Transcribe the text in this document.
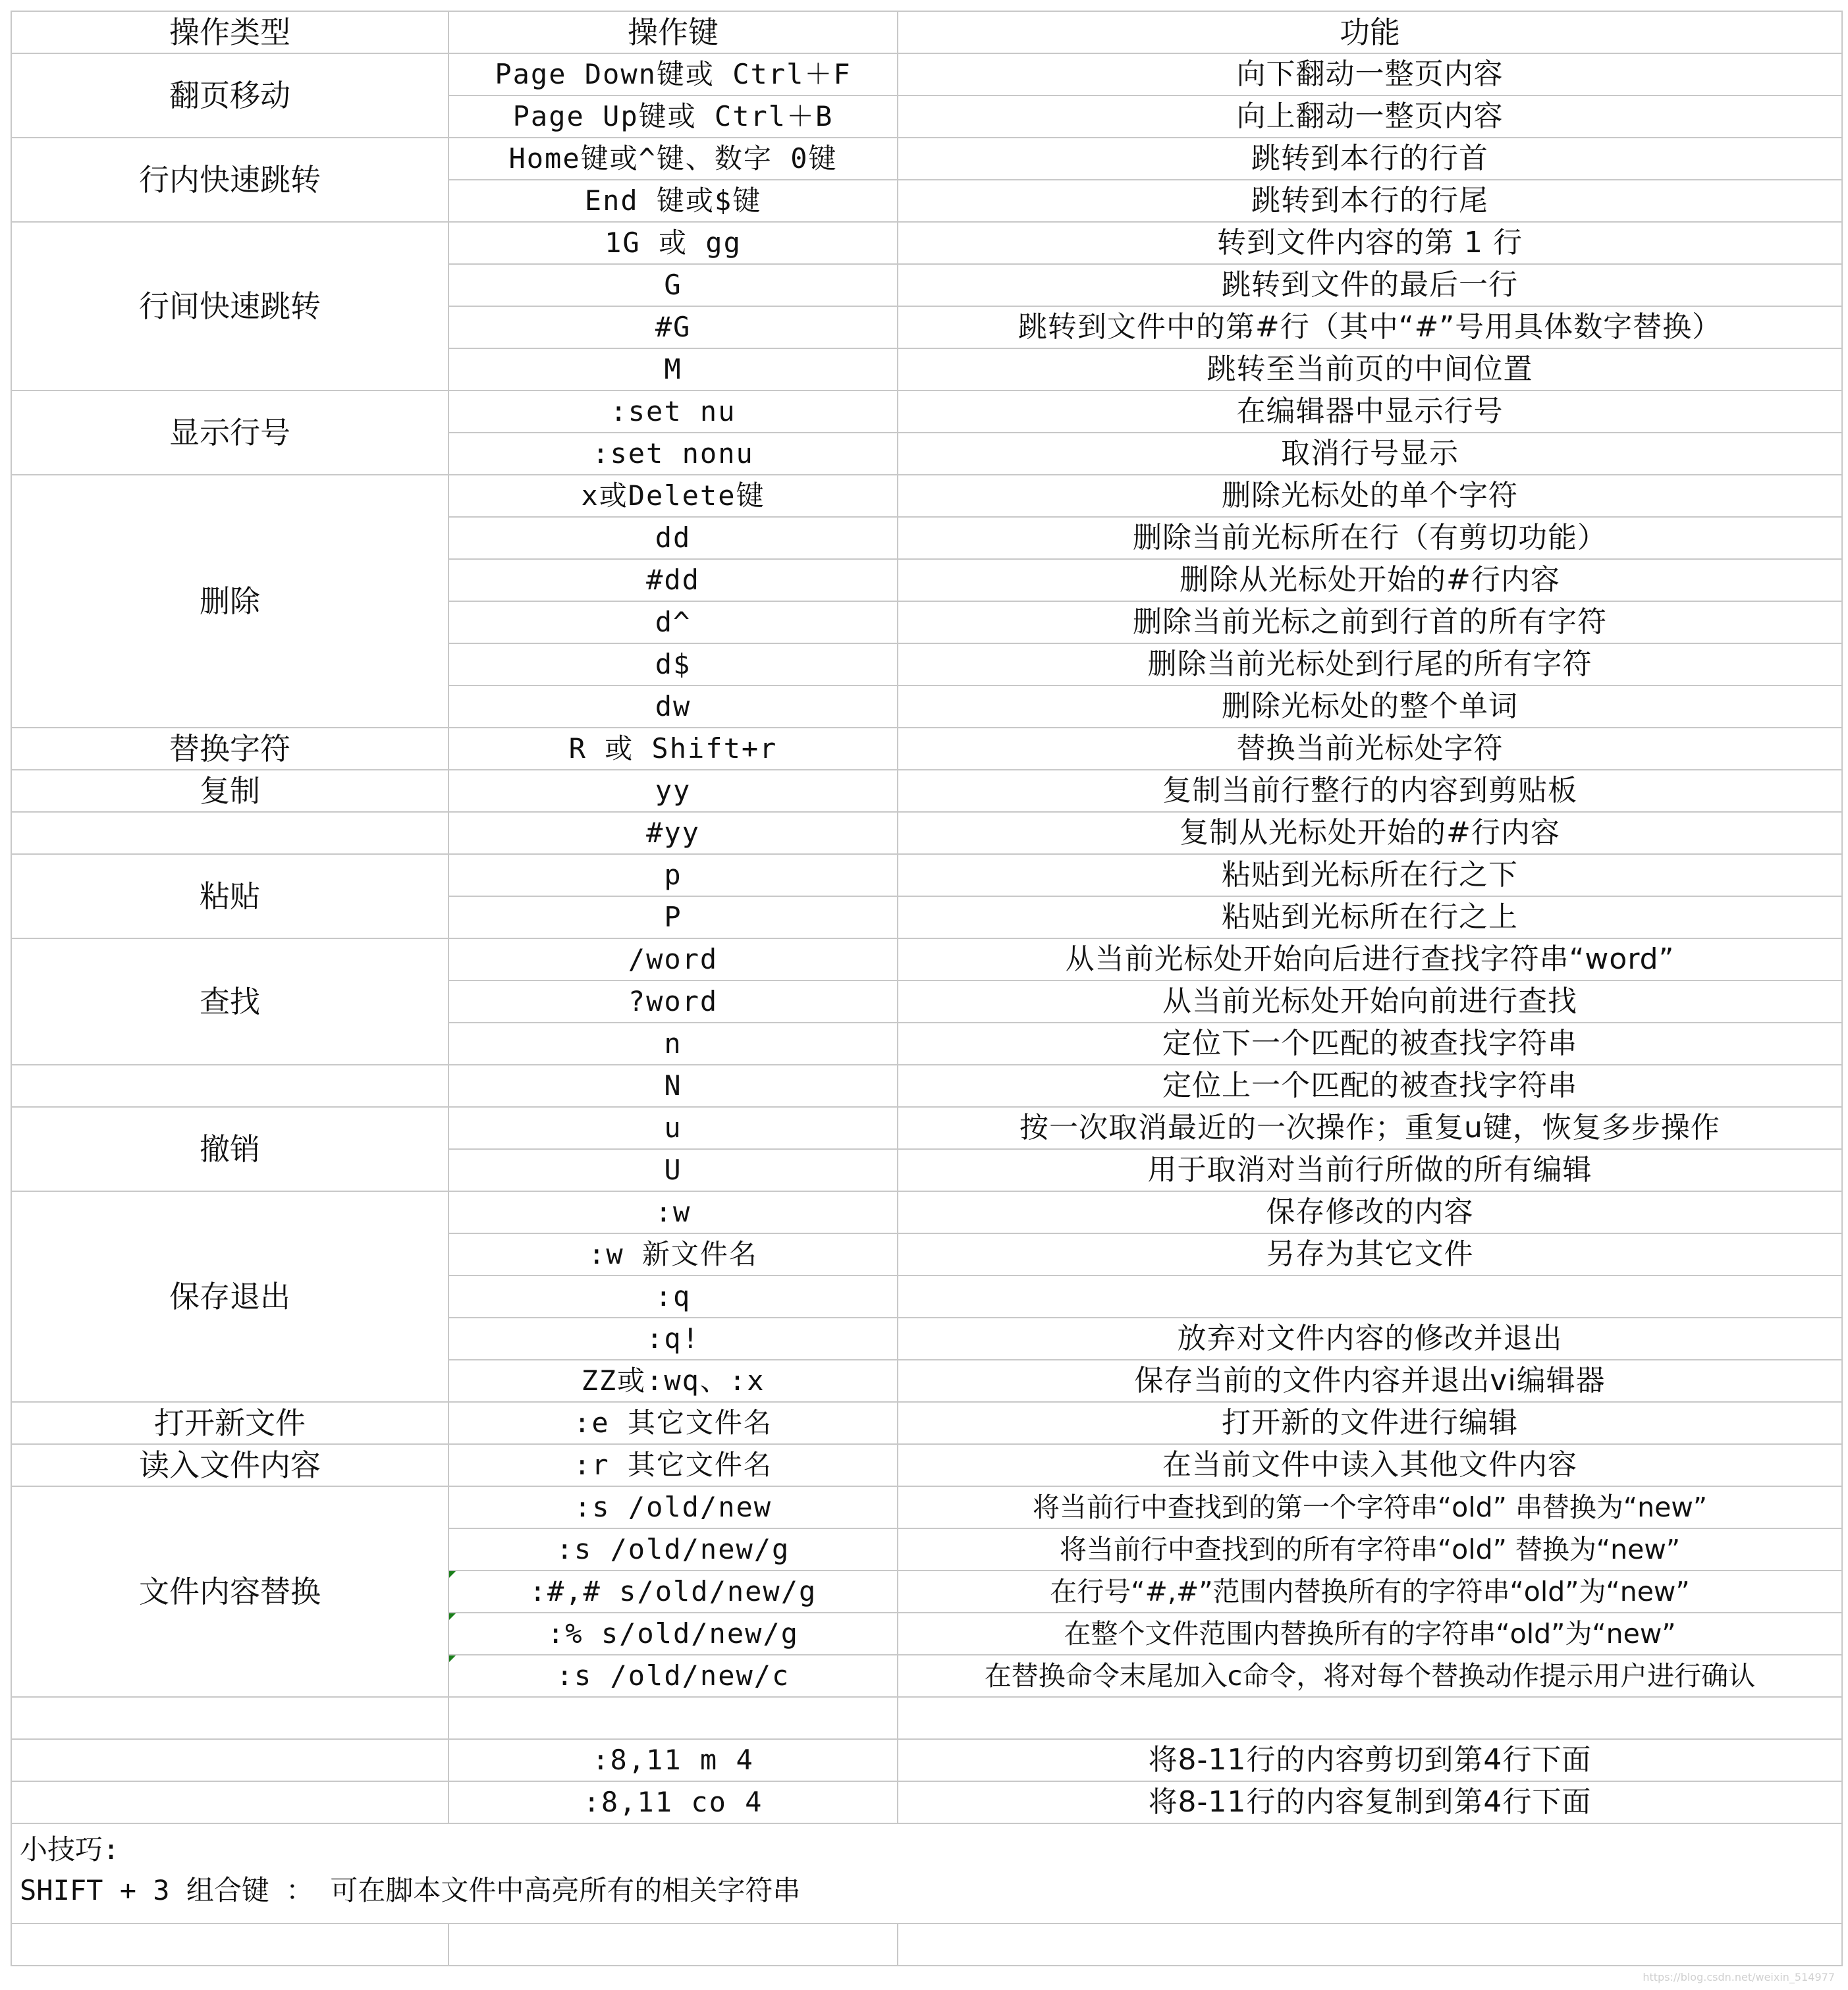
操作类型	操作键	功能
翻页移动	Page Down键或 Ctrl＋F	向下翻动一整页内容
	Page Up键或 Ctrl＋B	向上翻动一整页内容
行内快速跳转	Home键或^键、数字 0键	跳转到本行的行首
	End 键或$键	跳转到本行的行尾
行间快速跳转	1G 或 gg	转到文件内容的第 1 行
	G	跳转到文件的最后一行
	#G	跳转到文件中的第#行（其中“#”号用具体数字替换）
	M	跳转至当前页的中间位置
显示行号	:set nu	在编辑器中显示行号
	:set nonu	取消行号显示
删除	x或Delete键	删除光标处的单个字符
	dd	删除当前光标所在行（有剪切功能）
	#dd	删除从光标处开始的#行内容
	d^	删除当前光标之前到行首的所有字符
	d$	删除当前光标处到行尾的所有字符
	dw	删除光标处的整个单词
替换字符	R 或 Shift+r	替换当前光标处字符
复制	yy	复制当前行整行的内容到剪贴板
	#yy	复制从光标处开始的#行内容
粘贴	p	粘贴到光标所在行之下
	P	粘贴到光标所在行之上
查找	/word	从当前光标处开始向后进行查找字符串“word”
	?word	从当前光标处开始向前进行查找
	n	定位下一个匹配的被查找字符串
	N	定位上一个匹配的被查找字符串
撤销	u	按一次取消最近的一次操作；重复u键，恢复多步操作
	U	用于取消对当前行所做的所有编辑
保存退出	:w	保存修改的内容
	:w 新文件名	另存为其它文件
	:q	
	:q!	放弃对文件内容的修改并退出
	ZZ或:wq、:x	保存当前的文件内容并退出vi编辑器
打开新文件	:e 其它文件名	打开新的文件进行编辑
读入文件内容	:r 其它文件名	在当前文件中读入其他文件内容
文件内容替换	:s /old/new	将当前行中查找到的第一个字符串“old” 串替换为“new”
	:s /old/new/g	将当前行中查找到的所有字符串“old” 替换为“new”
	:#,# s/old/new/g	在行号“#,#”范围内替换所有的字符串“old”为“new”
	:% s/old/new/g	在整个文件范围内替换所有的字符串“old”为“new”
	:s /old/new/c	在替换命令末尾加入c命令，将对每个替换动作提示用户进行确认

	:8,11 m 4	将8-11行的内容剪切到第4行下面
	:8,11 co 4	将8-11行的内容复制到第4行下面

小技巧:
SHIFT + 3 组合键 ： 可在脚本文件中高亮所有的相关字符串		

https://blog.csdn.net/weixin_514977
